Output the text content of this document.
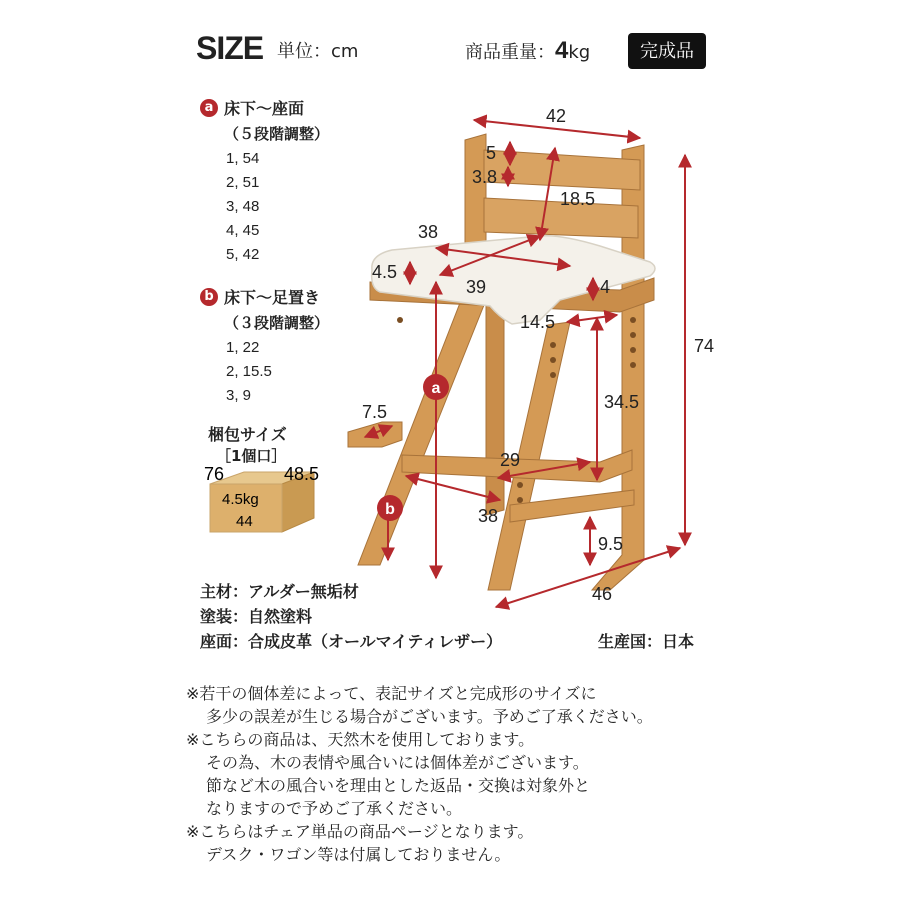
SIZE 単位：cm	商品重量：4kg	完成品
a 床下〜座面
（５段階調整）
1, 54
2, 51
3, 48
4, 45
5, 42
b 床下〜足置き
（３段階調整）
1, 22
2, 15.5
3, 9
梱包サイズ
［1個口］
76	48.5
4.5kg
44
a
b
42
5
3.8
18.5
38
4.5
39	4
14.5
34.5
74
7.5
29
38
9.5
46
主材：アルダー無垢材
塗装：自然塗料
座面：合成皮革（オールマイティレザー）	生産国：日本
※若干の個体差によって、表記サイズと完成形のサイズに
多少の誤差が生じる場合がございます。予めご了承ください。
※こちらの商品は、天然木を使用しております。
その為、木の表情や風合いには個体差がございます。
節など木の風合いを理由とした返品・交換は対象外と
なりますので予めご了承ください。
※こちらはチェア単品の商品ページとなります。
デスク・ワゴン等は付属しておりません。
